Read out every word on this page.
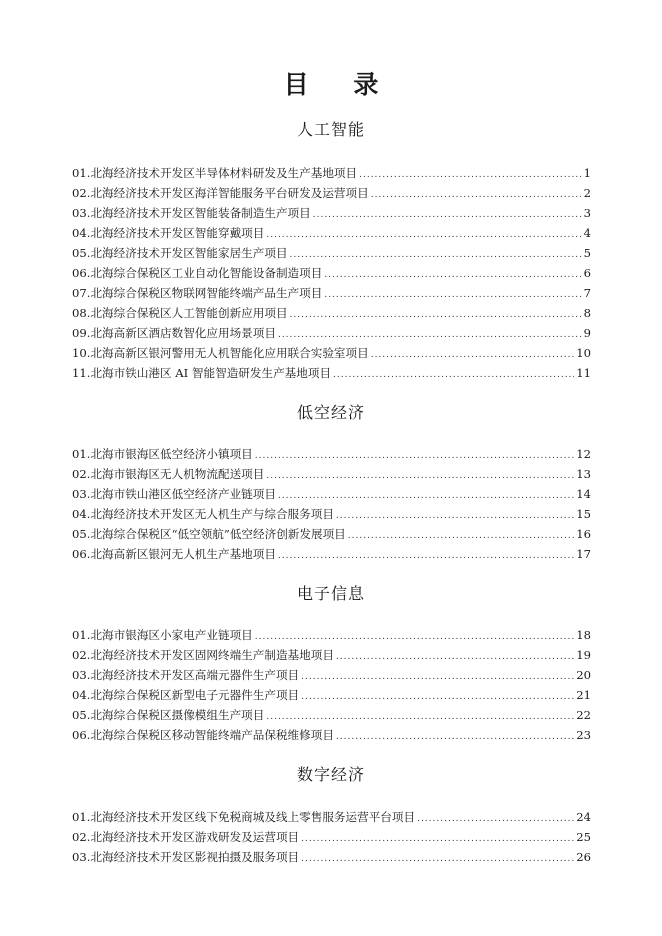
目 录
人工智能
01.北海经济技术开发区半导体材料研发及生产基地项目 .....	1
02.北海经济技术开发区海洋智能服务平台研发及运营项目 .....	2
03.北海经济技术开发区智能装备制造生产项目 .....	3
04.北海经济技术开发区智能穿戴项目 .....	4
05.北海经济技术开发区智能家居生产项目 .....	5
06.北海综合保税区工业自动化智能设备制造项目 .....	6
07.北海综合保税区物联网智能终端产品生产项目 .....	7
08.北海综合保税区人工智能创新应用项目 .....	8
09.北海高新区酒店数智化应用场景项目 .....	9
10.北海高新区银河警用无人机智能化应用联合实验室项目 .....	10
11.北海市铁山港区 AI 智能智造研发生产基地项目 .....	11
低空经济
01.北海市银海区低空经济小镇项目 .....	12
02.北海市银海区无人机物流配送项目 .....	13
03.北海市铁山港区低空经济产业链项目 .....	14
04.北海经济技术开发区无人机生产与综合服务项目 .....	15
05.北海综合保税区“低空领航”低空经济创新发展项目 .....	16
06.北海高新区银河无人机生产基地项目 .....	17
电子信息
01.北海市银海区小家电产业链项目 .....	18
02.北海经济技术开发区固网终端生产制造基地项目 .....	19
03.北海经济技术开发区高端元器件生产项目 .....	20
04.北海综合保税区新型电子元器件生产项目 .....	21
05.北海综合保税区摄像模组生产项目 .....	22
06.北海综合保税区移动智能终端产品保税维修项目 .....	23
数字经济
01.北海经济技术开发区线下免税商城及线上零售服务运营平台项目 .....	24
02.北海经济技术开发区游戏研发及运营项目 .....	25
03.北海经济技术开发区影视拍摄及服务项目 .....	26
